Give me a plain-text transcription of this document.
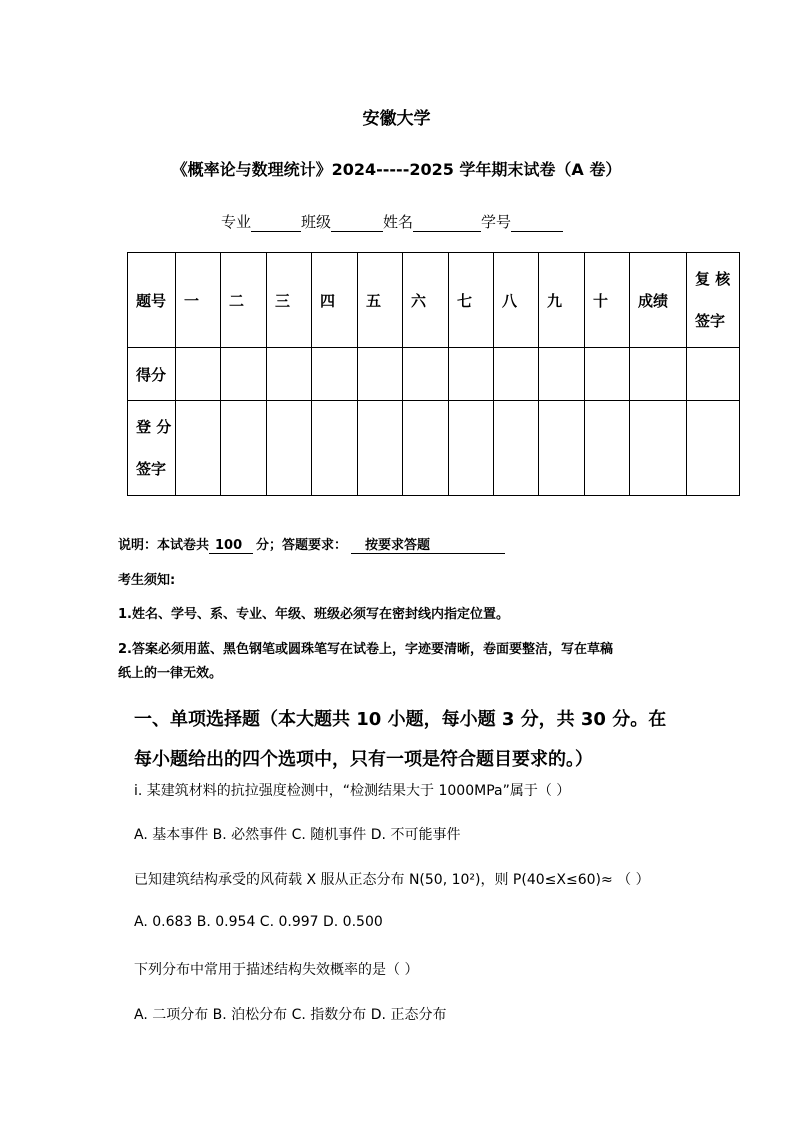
安徽大学
《概率论与数理统计》2024-----2025 学年期末试卷（A 卷）
专业	班级	姓名	学号
题号	一	二	三	四	五	六	七	八	九	十	成绩	复 核
签字

得分												

登 分
签字												

说明：本试卷共 100 分；答题要求： 按要求答题
考生须知:
1.姓名、学号、系、专业、年级、班级必须写在密封线内指定位置。
2.答案必须用蓝、黑色钢笔或圆珠笔写在试卷上，字迹要清晰，卷面要整洁，写在草稿
纸上的一律无效。
一、单项选择题（本大题共 10 小题，每小题 3 分，共 30 分。在
每小题给出的四个选项中，只有一项是符合题目要求的。）
i. 某建筑材料的抗拉强度检测中，“检测结果大于 1000MPa”属于（ ）
A. 基本事件 B. 必然事件 C. 随机事件 D. 不可能事件
已知建筑结构承受的风荷载 X 服从正态分布 N(50, 10²)，则 P(40≤X≤60)≈ （ ）
A. 0.683 B. 0.954 C. 0.997 D. 0.500
下列分布中常用于描述结构失效概率的是（ ）
A. 二项分布 B. 泊松分布 C. 指数分布 D. 正态分布
